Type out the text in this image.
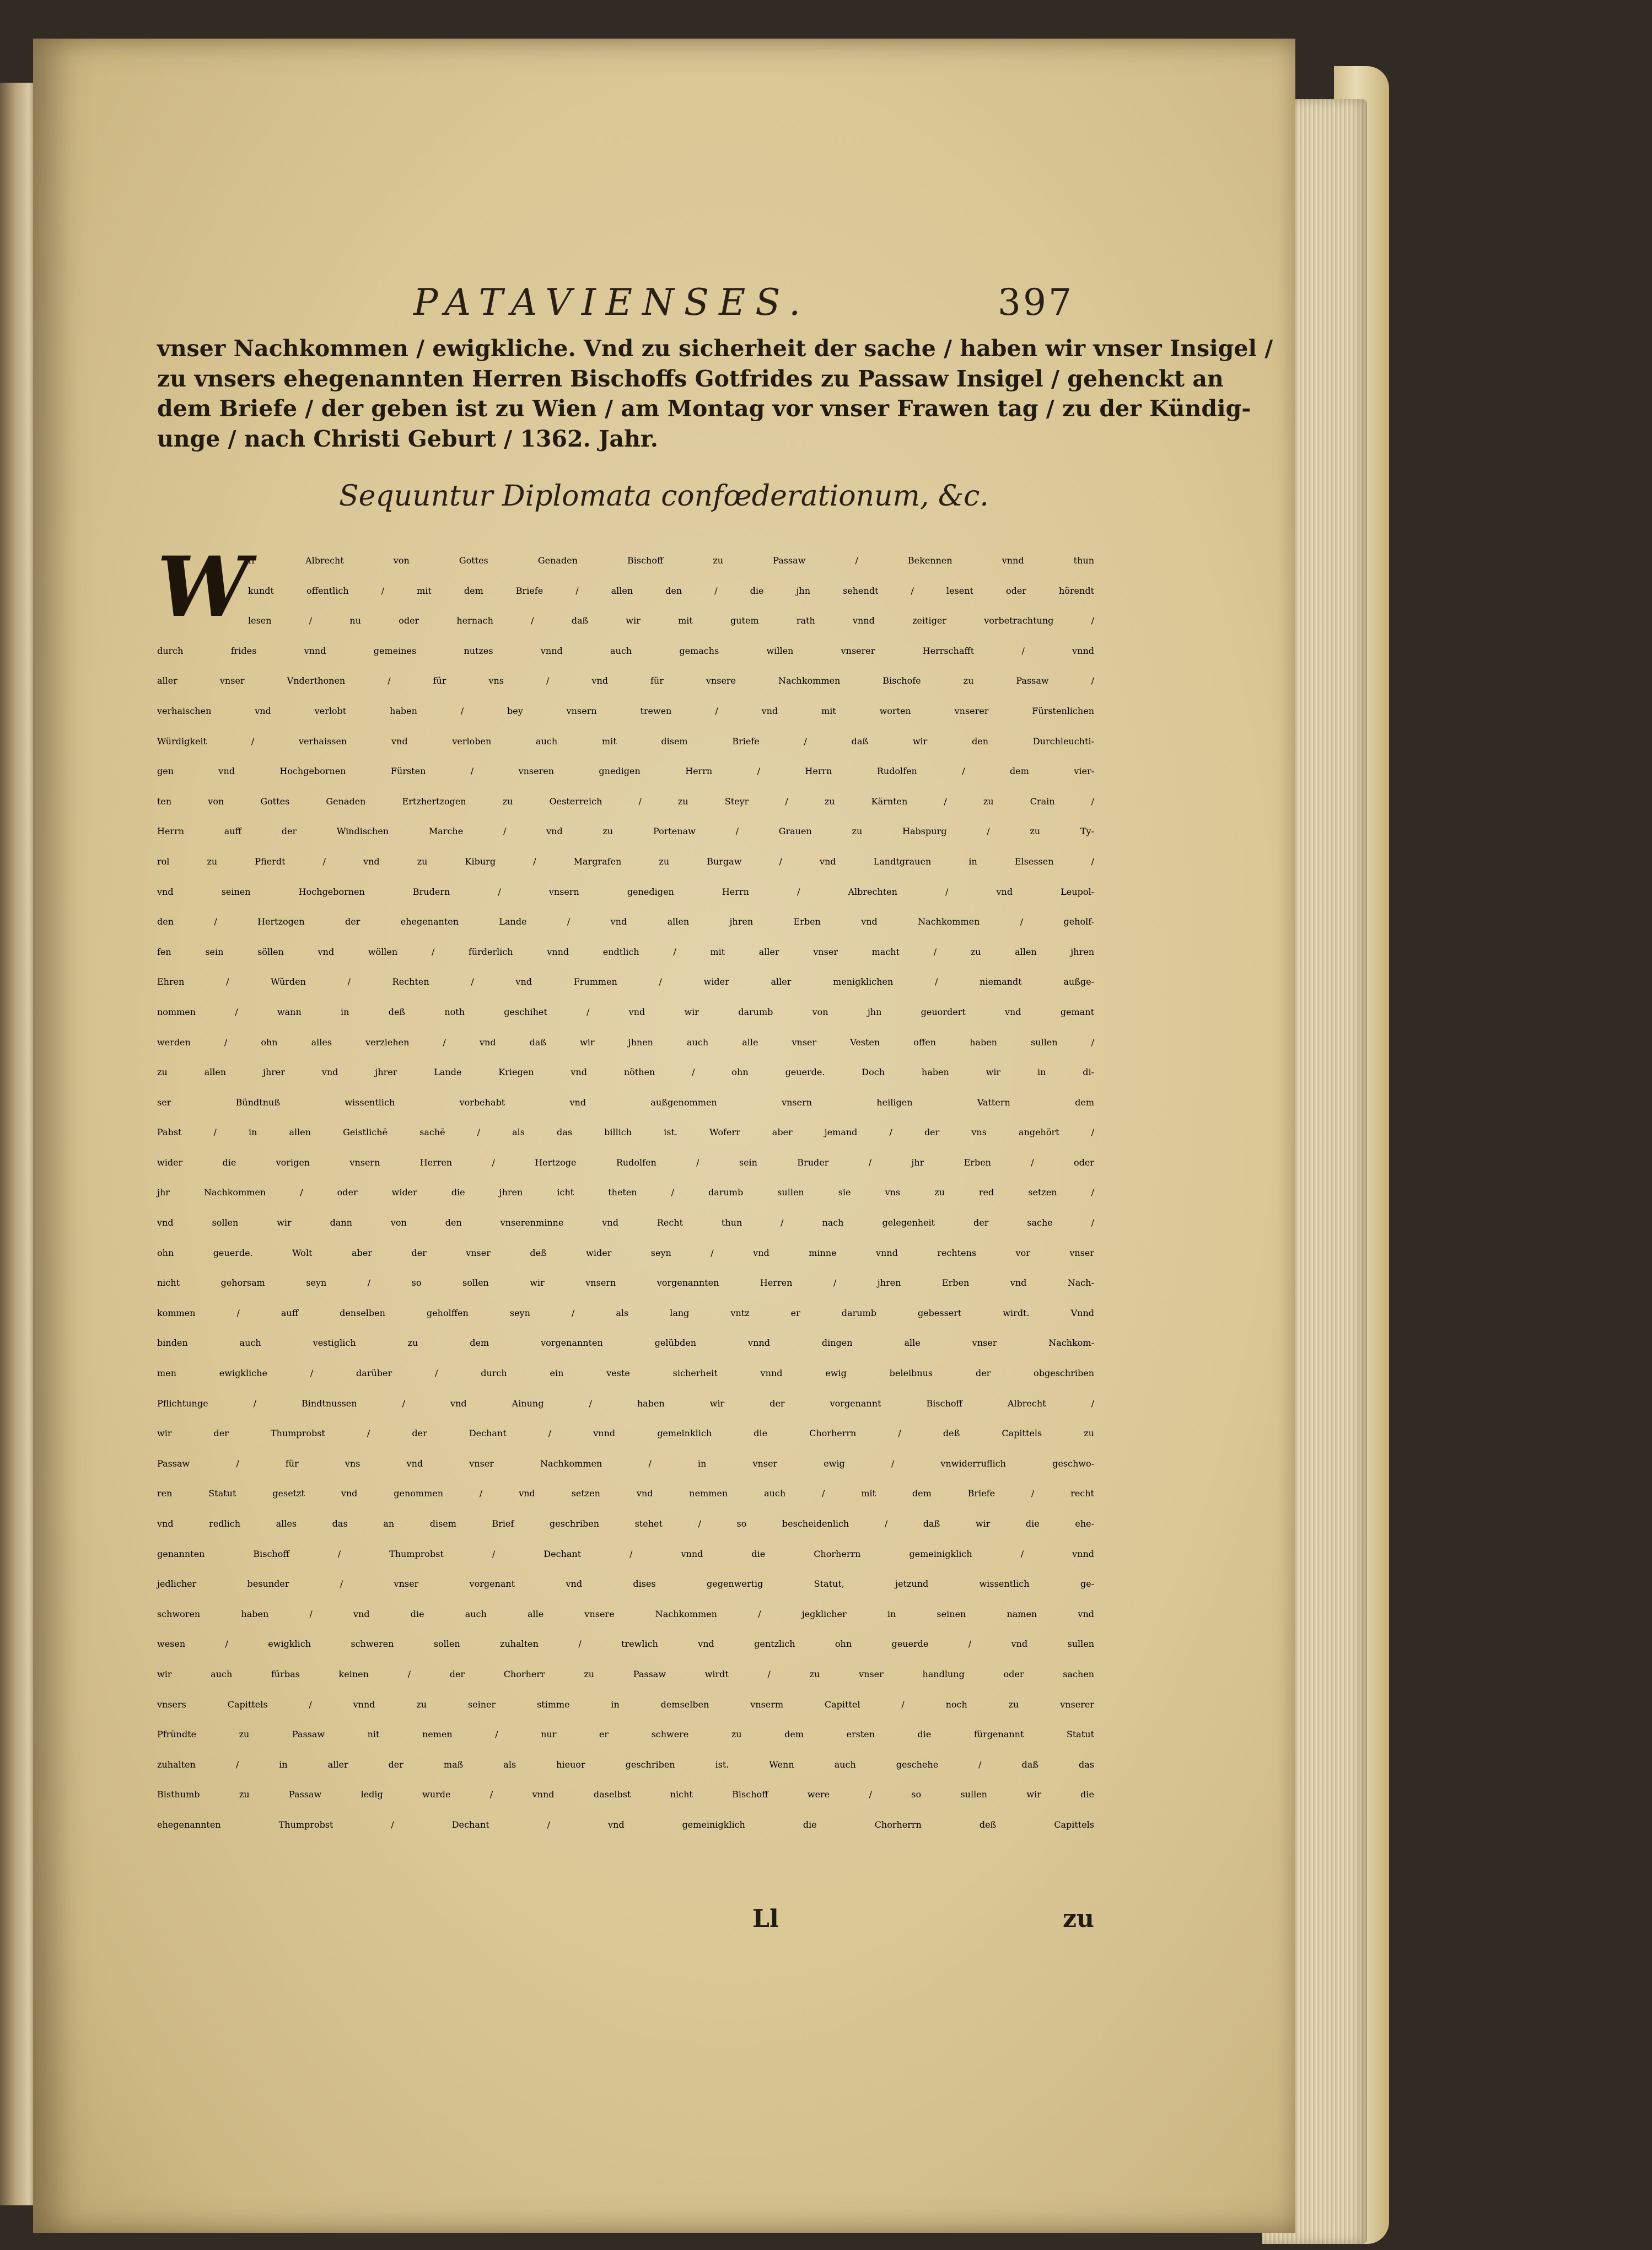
PATAVIENSES.	397
vnser Nachkommen / ewigkliche. Vnd zu sicherheit der sache / haben wir vnser Insigel /
zu vnsers ehegenannten Herren Bischoffs Gotfrides zu Passaw Insigel / gehenckt an
dem Briefe / der geben ist zu Wien / am Montag vor vnser Frawen tag / zu der Kündig-
unge / nach Christi Geburt / 1362. Jahr.
Sequuntur Diplomata confœderationum, &c.
W
Ir Albrecht von Gottes Genaden Bischoff zu Passaw / Bekennen vnnd thun
kundt offentlich / mit dem Briefe / allen den / die jhn sehendt / lesent oder hörendt
lesen / nu oder hernach / daß wir mit gutem rath vnnd zeitiger vorbetrachtung /
durch frides vnnd gemeines nutzes vnnd auch gemachs willen vnserer Herrschafft / vnnd
aller vnser Vnderthonen / für vns / vnd für vnsere Nachkommen Bischofe zu Passaw /
verhaischen vnd verlobt haben / bey vnsern trewen / vnd mit worten vnserer Fürstenlichen
Würdigkeit / verhaissen vnd verloben auch mit disem Briefe / daß wir den Durchleuchti-
gen vnd Hochgebornen Fürsten / vnseren gnedigen Herrn / Herrn Rudolfen / dem vier-
ten von Gottes Genaden Ertzhertzogen zu Oesterreich / zu Steyr / zu Kärnten / zu Crain /
Herrn auff der Windischen Marche / vnd zu Portenaw / Grauen zu Habspurg / zu Ty-
rol zu Pfierdt / vnd zu Kiburg / Margrafen zu Burgaw / vnd Landtgrauen in Elsessen /
vnd seinen Hochgebornen Brudern / vnsern genedigen Herrn / Albrechten / vnd Leupol-
den / Hertzogen der ehegenanten Lande / vnd allen jhren Erben vnd Nachkommen / geholf-
fen sein söllen vnd wöllen / fürderlich vnnd endtlich / mit aller vnser macht / zu allen jhren
Ehren / Würden / Rechten / vnd Frummen / wider aller menigklichen / niemandt außge-
nommen / wann in deß noth geschihet / vnd wir darumb von jhn geuordert vnd gemant
werden / ohn alles verziehen / vnd daß wir jhnen auch alle vnser Vesten offen haben sullen /
zu allen jhrer vnd jhrer Lande Kriegen vnd nöthen / ohn geuerde. Doch haben wir in di-
ser Bündtnuß wissentlich vorbehabt vnd außgenommen vnsern heiligen Vattern dem
Pabst / in allen Geistlichē sachē / als das billich ist. Woferr aber jemand / der vns angehört /
wider die vorigen vnsern Herren / Hertzoge Rudolfen / sein Bruder / jhr Erben / oder
jhr Nachkommen / oder wider die jhren icht theten / darumb sullen sie vns zu red setzen /
vnd sollen wir dann von den vnserenminne vnd Recht thun / nach gelegenheit der sache /
ohn geuerde. Wolt aber der vnser deß wider seyn / vnd minne vnnd rechtens vor vnser
nicht gehorsam seyn / so sollen wir vnsern vorgenannten Herren / jhren Erben vnd Nach-
kommen / auff denselben geholffen seyn / als lang vntz er darumb gebessert wirdt. Vnnd
binden auch vestiglich zu dem vorgenannten gelübden vnnd dingen alle vnser Nachkom-
men ewigkliche / darüber / durch ein veste sicherheit vnnd ewig beleibnus der obgeschriben
Pflichtunge / Bindtnussen / vnd Ainung / haben wir der vorgenannt Bischoff Albrecht /
wir der Thumprobst / der Dechant / vnnd gemeinklich die Chorherrn / deß Capittels zu
Passaw / für vns vnd vnser Nachkommen / in vnser ewig / vnwiderruflich geschwo-
ren Statut gesetzt vnd genommen / vnd setzen vnd nemmen auch / mit dem Briefe / recht
vnd redlich alles das an disem Brief geschriben stehet / so bescheidenlich / daß wir die ehe-
genannten Bischoff / Thumprobst / Dechant / vnnd die Chorherrn gemeinigklich / vnnd
jedlicher besunder / vnser vorgenant vnd dises gegenwertig Statut, jetzund wissentlich ge-
schworen haben / vnd die auch alle vnsere Nachkommen / jegklicher in seinen namen vnd
wesen / ewigklich schweren sollen zuhalten / trewlich vnd gentzlich ohn geuerde / vnd sullen
wir auch fürbas keinen / der Chorherr zu Passaw wirdt / zu vnser handlung oder sachen
vnsers Capittels / vnnd zu seiner stimme in demselben vnserm Capittel / noch zu vnserer
Pfründte zu Passaw nit nemen / nur er schwere zu dem ersten die fürgenannt Statut
zuhalten / in aller der maß als hieuor geschriben ist. Wenn auch geschehe / daß das
Bisthumb zu Passaw ledig wurde / vnnd daselbst nicht Bischoff were / so sullen wir die
ehegenannten Thumprobst / Dechant / vnd gemeinigklich die Chorherrn deß Capittels
Ll	zu
